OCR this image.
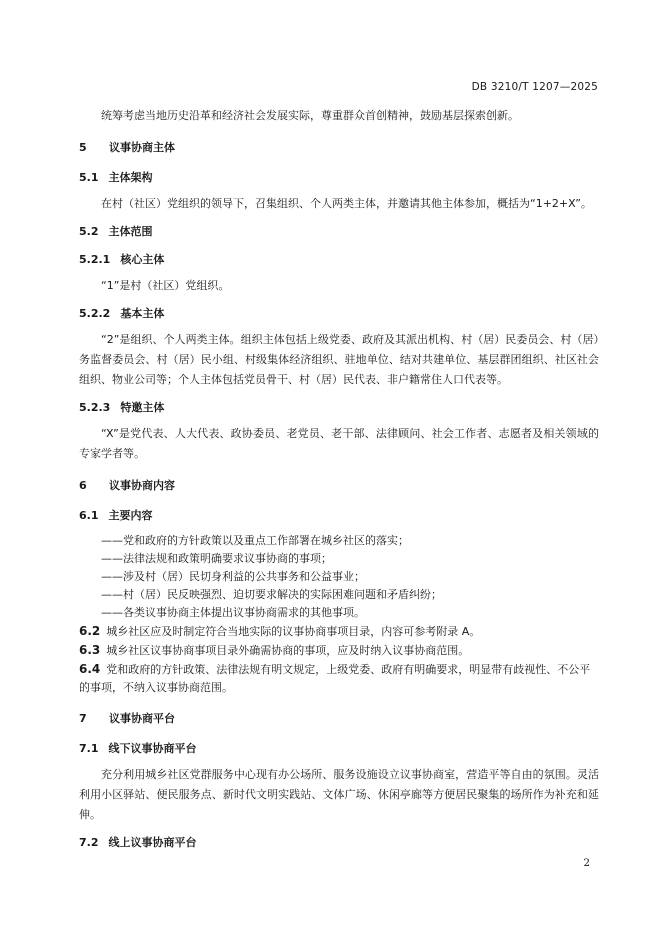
DB 3210/T 1207—2025

统筹考虑当地历史沿革和经济社会发展实际，尊重群众首创精神，鼓励基层探索创新。

5 议事协商主体
5.1 主体架构

在村（社区）党组织的领导下，召集组织、个人两类主体，并邀请其他主体参加，概括为“1+2+X”。

5.2 主体范围
5.2.1 核心主体

“1”是村（社区）党组织。

5.2.2 基本主体

“2”是组织、个人两类主体。组织主体包括上级党委、政府及其派出机构、村（居）民委员会、村（居）务监督委员会、村（居）民小组、村级集体经济组织、驻地单位、结对共建单位、基层群团组织、社区社会组织、物业公司等；个人主体包括党员骨干、村（居）民代表、非户籍常住人口代表等。

5.2.3 特邀主体

“X”是党代表、人大代表、政协委员、老党员、老干部、法律顾问、社会工作者、志愿者及相关领域的专家学者等。

6 议事协商内容
6.1 主要内容

——党和政府的方针政策以及重点工作部署在城乡社区的落实；

——法律法规和政策明确要求议事协商的事项；

——涉及村（居）民切身利益的公共事务和公益事业；

——村（居）民反映强烈、迫切要求解决的实际困难问题和矛盾纠纷；

——各类议事协商主体提出议事协商需求的其他事项。

6.2 城乡社区应及时制定符合当地实际的议事协商事项目录，内容可参考附录 A。

6.3 城乡社区议事协商事项目录外确需协商的事项，应及时纳入议事协商范围。

6.4 党和政府的方针政策、法律法规有明文规定，上级党委、政府有明确要求，明显带有歧视性、不公平的事项，不纳入议事协商范围。

7 议事协商平台
7.1 线下议事协商平台

充分利用城乡社区党群服务中心现有办公场所、服务设施设立议事协商室，营造平等自由的氛围。灵活利用小区驿站、便民服务点、新时代文明实践站、文体广场、休闲亭廊等方便居民聚集的场所作为补充和延伸。

7.2 线上议事协商平台
2
